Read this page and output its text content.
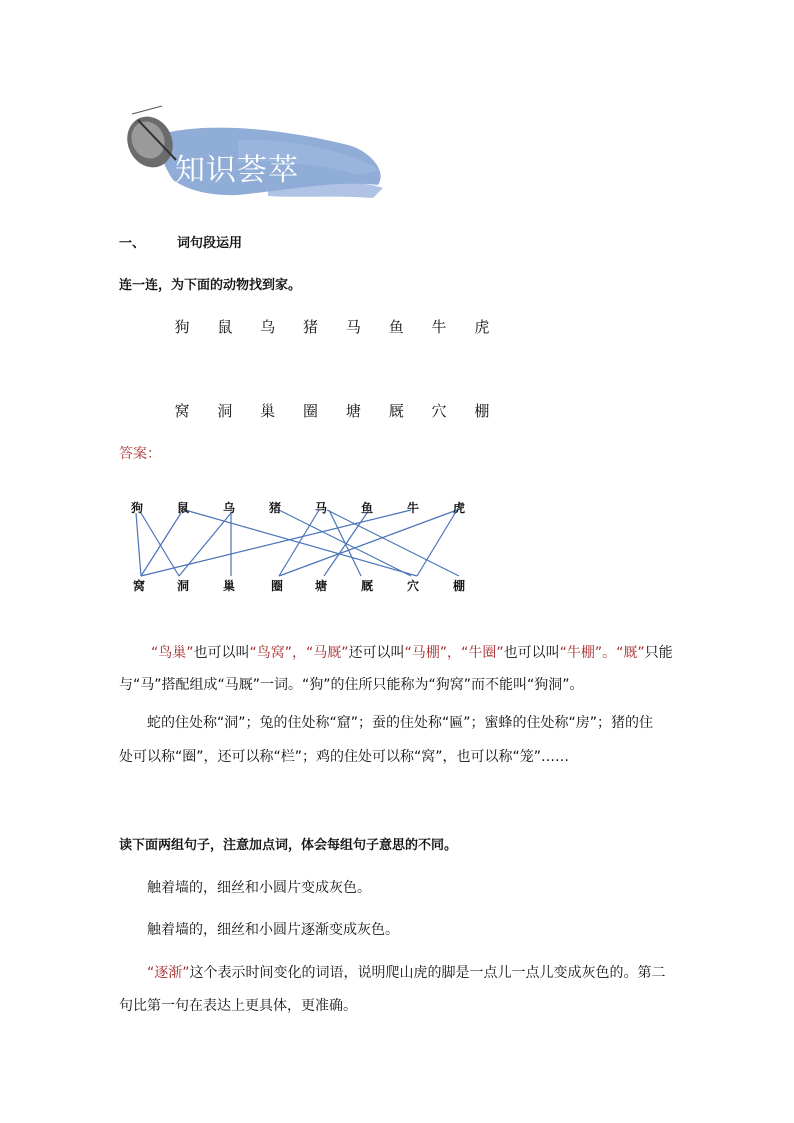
知识荟萃
一、 词句段运用
连一连，为下面的动物找到家。
狗 鼠 乌 猪 马 鱼 牛 虎
窝 洞 巢 圈 塘 厩 穴 棚
答案：
狗	鼠	乌	猪	马	鱼	牛	虎
窝	洞	巢	圈	塘	厩	穴	棚
“鸟巢”也可以叫“鸟窝”，“马厩”还可以叫“马棚”，“牛圈”也可以叫“牛棚”。“厩”只能与“马”搭配组成“马厩”一词。“狗”的住所只能称为“狗窝”而不能叫“狗洞”。
蛇的住处称“洞”；兔的住处称“窟”；蚕的住处称“匾”；蜜蜂的住处称“房”；猪的住
处可以称“圈”，还可以称“栏”；鸡的住处可以称“窝”，也可以称“笼”……
读下面两组句子，注意加点词，体会每组句子意思的不同。
触着墙的，细丝和小圆片变成灰色。
触着墙的，细丝和小圆片逐渐变成灰色。
“逐渐”这个表示时间变化的词语，说明爬山虎的脚是一点儿一点儿变成灰色的。第二
句比第一句在表达上更具体，更准确。
